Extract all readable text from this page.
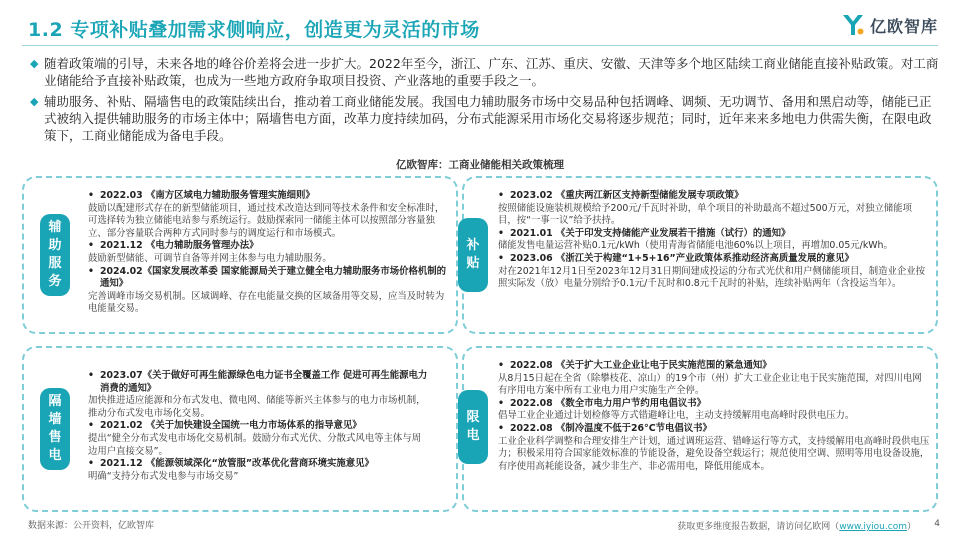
1.2 专项补贴叠加需求侧响应，创造更为灵活的市场	亿欧智库
◆ 随着政策端的引导，未来各地的峰谷价差将会进一步扩大。2022年至今，浙江、广东、江苏、重庆、安徽、天津等多个地区陆续工商业储能直接补贴政策。对工商业储能给予直接补贴政策，也成为一些地方政府争取项目投资、产业落地的重要手段之一。
◆ 辅助服务、补贴、隔墙售电的政策陆续出台，推动着工商业储能发展。我国电力辅助服务市场中交易品种包括调峰、调频、无功调节、备用和黑启动等，储能已正式被纳入提供辅助服务的市场主体中；隔墙售电方面，改革力度持续加码，分布式能源采用市场化交易将逐步规范；同时，近年来来多地电力供需失衡，在限电政策下，工商业储能成为备电手段。
亿欧智库：工商业储能相关政策梳理
辅
助
服
务
• 2022.03 《南方区域电力辅助服务管理实施细则》
鼓励以配建形式存在的新型储能项目，通过技术改造达到同等技术条件和安全标准时，可选择转为独立储能电站参与系统运行。鼓励探索同一储能主体可以按照部分容量独立、部分容量联合两种方式同时参与的调度运行和市场模式。
• 2021.12 《电力辅助服务管理办法》
鼓励新型储能、可调节自备等并网主体参与电力辅助服务。
• 2024.02《国家发展改革委 国家能源局关于建立健全电力辅助服务市场价格机制的通知》
完善调峰市场交易机制。区域调峰、存在电能量交换的区域备用等交易，应当及时转为电能量交易。
补
贴
• 2023.02 《重庆两江新区支持新型储能发展专项政策》
按照储能设施装机规模给予200元/千瓦时补助，单个项目的补助最高不超过500万元，对独立储能项目，按“一事一议”给予扶持。
• 2021.01 《关于印发支持储能产业发展若干措施（试行）的通知》
储能发售电量运营补贴0.1元/kWh（使用青海省储能电池60%以上项目，再增加0.05元/kWh。
• 2023.06 《浙江关于构建“1+5+16”产业政策体系推动经济高质量发展的意见》
对在2021年12月1日至2023年12月31日期间建成投运的分布式光伏和用户侧储能项目，制造业企业按照实际发（放）电量分别给予0.1元/千瓦时和0.8元千瓦时的补贴，连续补贴两年（含投运当年）。
隔
墙
售
电
• 2023.07《关于做好可再生能源绿色电力证书全覆盖工作 促进可再生能源电力消费的通知》
加快推进适应能源和分布式发电、微电网、储能等新兴主体参与的电力市场机制，推动分布式发电市场化交易。
• 2021.02 《关于加快建设全国统一电力市场体系的指导意见》
提出“健全分布式发电市场化交易机制。鼓励分布式光伏、分散式风电等主体与周边用户直接交易”。
• 2021.12 《能源领域深化“放管服”改革优化营商环境实施意见》
明确“支持分布式发电参与市场交易”
限
电
• 2022.08 《关于扩大工业企业让电于民实施范围的紧急通知》
从8月15日起在全省（除攀枝花、凉山）的19个市（州）扩大工业企业让电于民实施范围，对四川电网有序用电方案中所有工业电力用户实施生产全停。
• 2022.08 《数全市电力用户节约用电倡议书》
倡导工业企业通过计划检修等方式错避峰让电，主动支持缓解用电高峰时段供电压力。
• 2022.08 《制冷温度不低于26°C节电倡议书》
工业企业科学调整和合理安排生产计划，通过调班运营、错峰运行等方式，支持缓解用电高峰时段供电压力；积极采用符合国家能效标准的节能设备，避免设备空载运行；规范使用空调、照明等用电设备设施，有序使用高耗能设备，减少非生产、非必需用电，降低用能成本。
数据来源：公开资料，亿欧智库	获取更多维度报告数据，请访问亿欧网（www.iyiou.com） 4
